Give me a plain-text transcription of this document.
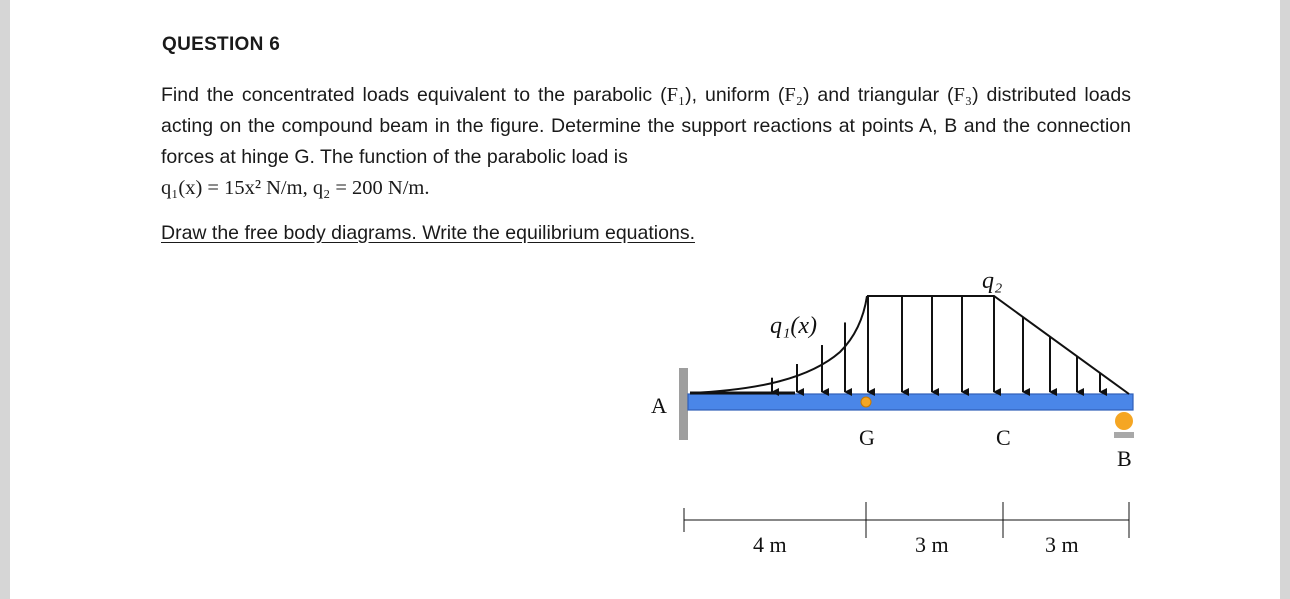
QUESTION 6
Find the concentrated loads equivalent to the parabolic (F₁), uniform (F₂) and triangular (F₃) distributed loads acting on the compound beam in the figure. Determine the support reactions at points A, B and the connection forces at hinge G. The function of the parabolic load is
q₁(x) = 15x² N/m, q₂ = 200 N/m.
Draw the free body diagrams. Write the equilibrium equations.
A
G	C
B
q₁(x)
q₂
4 m	3 m	3 m
